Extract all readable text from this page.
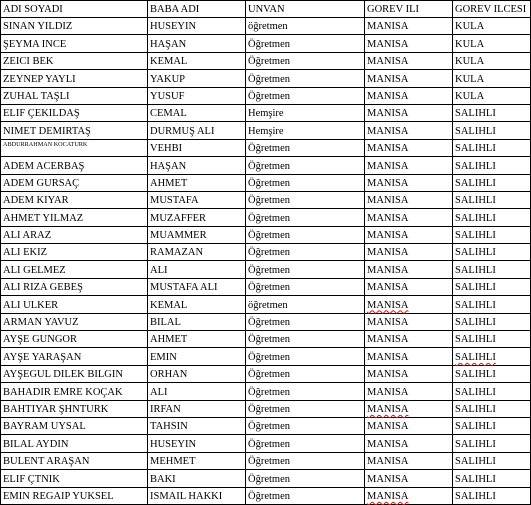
ADI SOYADI	BABA ADI	UNVAN	GOREV ILI	GOREV ILCESI
SINAN YILDIZ	HUSEYIN	öğretmen	MANISA	KULA
ŞEYMA INCE	HAŞAN	Öğretmen	MANISA	KULA
ZEICI BEK	KEMAL	Öğretmen	MANISA	KULA
ZEYNEP YAYLI	YAKUP	Öğretmen	MANISA	KULA
ZUHAL TAŞLI	YUSUF	Öğretmen	MANISA	KULA
ELIF ÇEKILDAŞ	CEMAL	Hemşire	MANISA	SALIHLI
NIMET DEMIRTAŞ	DURMUŞ ALI	Hemşire	MANISA	SALIHLI
ABDURRAHMAN KOCATURK	VEHBI	Öğretmen	MANISA	SALIHLI
ADEM ACERBAŞ	HAŞAN	Öğretmen	MANISA	SALIHLI
ADEM GURSAÇ	AHMET	Öğretmen	MANISA	SALIHLI
ADEM KIYAR	MUSTAFA	Öğretmen	MANISA	SALIHLI
AHMET YILMAZ	MUZAFFER	Öğretmen	MANISA	SALIHLI
ALI ARAZ	MUAMMER	Öğretmen	MANISA	SALIHLI
ALI EKIZ	RAMAZAN	Öğretmen	MANISA	SALIHLI
ALI GELMEZ	ALI	Öğretmen	MANISA	SALIHLI
ALI RIZA GEBEŞ	MUSTAFA ALI	Öğretmen	MANISA	SALIHLI
ALI ULKER	KEMAL	öğretmen	MANISA	SALIHLI
ARMAN YAVUZ	BILAL	Öğretmen	MANISA	SALIHLI
AYŞE GUNGOR	AHMET	Öğretmen	MANISA	SALIHLI
AYŞE YARAŞAN	EMIN	Öğretmen	MANISA	SALIHLI
AYŞEGUL DILEK BILGIN	ORHAN	Öğretmen	MANISA	SALIHLI
BAHADIR EMRE KOÇAK	ALI	Öğretmen	MANISA	SALIHLI
BAHTIYAR ŞHNTURK	IRFAN	Öğretmen	MANISA	SALIHLI
BAYRAM UYSAL	TAHSIN	Öğretmen	MANISA	SALIHLI
BILAL AYDIN	HUSEYIN	Öğretmen	MANISA	SALIHLI
BULENT ARAŞAN	MEHMET	Öğretmen	MANISA	SALIHLI
ELIF ÇTNIK	BAKI	Öğretmen	MANISA	SALIHLI
EMIN REGAIP YUKSEL	ISMAIL HAKKI	Öğretmen	MANISA	SALIHLI
